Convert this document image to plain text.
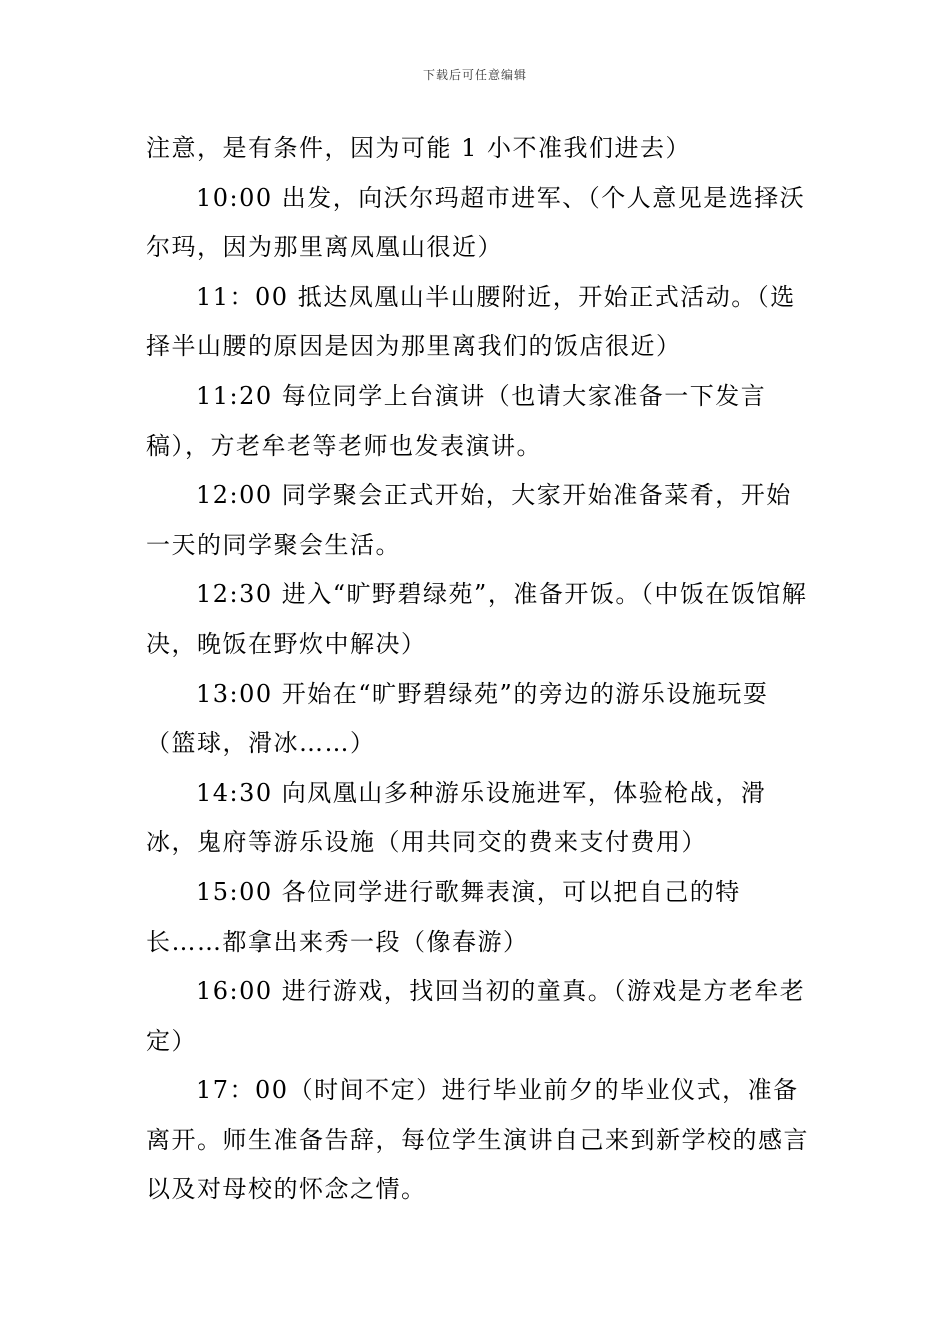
下载后可任意编辑

注意，是有条件，因为可能 1 小不准我们进去）

10:00 出发，向沃尔玛超市进军、（个人意见是选择沃尔玛，因为那里离凤凰山很近）

11：00 抵达凤凰山半山腰附近，开始正式活动。（选择半山腰的原因是因为那里离我们的饭店很近）

11:20 每位同学上台演讲（也请大家准备一下发言稿），方老牟老等老师也发表演讲。

12:00 同学聚会正式开始，大家开始准备菜肴，开始一天的同学聚会生活。

12:30 进入“旷野碧绿苑”，准备开饭。（中饭在饭馆解决，晚饭在野炊中解决）

13:00 开始在“旷野碧绿苑”的旁边的游乐设施玩耍（篮球，滑冰……）

14:30 向凤凰山多种游乐设施进军，体验枪战，滑冰，鬼府等游乐设施（用共同交的费来支付费用）

15:00 各位同学进行歌舞表演，可以把自己的特长……都拿出来秀一段（像春游）

16:00 进行游戏，找回当初的童真。（游戏是方老牟老定）

17：00（时间不定）进行毕业前夕的毕业仪式，准备离开。师生准备告辞，每位学生演讲自己来到新学校的感言以及对母校的怀念之情。
